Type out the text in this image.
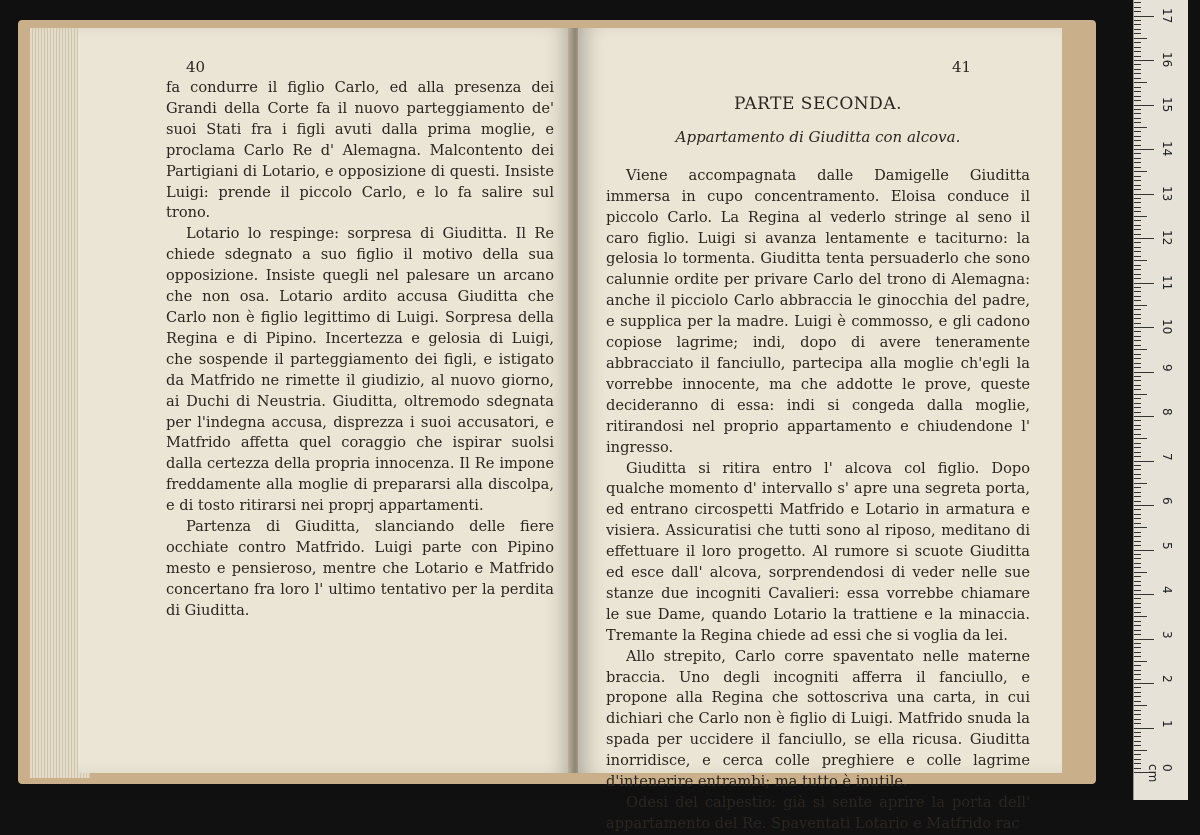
40

fa condurre il figlio Carlo, ed alla presenza dei Grandi della Corte fa il nuovo parteggiamento de' suoi Stati fra i figli avuti dalla prima moglie, e proclama Carlo Re d' Alemagna. Malcontento dei Partigiani di Lotario, e opposizione di questi. Insiste Luigi: prende il piccolo Carlo, e lo fa salire sul trono.

Lotario lo respinge: sorpresa di Giuditta. Il Re chiede sdegnato a suo figlio il motivo della sua opposizione. Insiste quegli nel palesare un arcano che non osa. Lotario ardito accusa Giuditta che Carlo non è figlio legittimo di Luigi. Sorpresa della Regina e di Pipino. Incertezza e gelosia di Luigi, che sospende il parteggiamento dei figli, e istigato da Matfrido ne rimette il giudizio, al nuovo giorno, ai Duchi di Neustria. Giuditta, oltremodo sdegnata per l'indegna accusa, disprezza i suoi accusatori, e Matfrido affetta quel coraggio che ispirar suolsi dalla certezza della propria innocenza. Il Re impone freddamente alla moglie di prepararsi alla discolpa, e di tosto ritirarsi nei proprj appartamenti.

Partenza di Giuditta, slanciando delle fiere occhiate contro Matfrido. Luigi parte con Pipino mesto e pensieroso, mentre che Lotario e Matfrido concertano fra loro l' ultimo tentativo per la perdita di Giuditta.

41
PARTE SECONDA.
Appartamento di Giuditta con alcova.

Viene accompagnata dalle Damigelle Giuditta immersa in cupo concentramento. Eloisa conduce il piccolo Carlo. La Regina al vederlo stringe al seno il caro figlio. Luigi si avanza lentamente e taciturno: la gelosia lo tormenta. Giuditta tenta persuaderlo che sono calunnie ordite per privare Carlo del trono di Alemagna: anche il picciolo Carlo abbraccia le ginocchia del padre, e supplica per la madre. Luigi è commosso, e gli cadono copiose lagrime; indi, dopo di avere teneramente abbracciato il fanciullo, partecipa alla moglie ch'egli la vorrebbe innocente, ma che addotte le prove, queste decideranno di essa: indi si congeda dalla moglie, ritirandosi nel proprio appartamento e chiudendone l' ingresso.

Giuditta si ritira entro l' alcova col figlio. Dopo qualche momento d' intervallo s' apre una segreta porta, ed entrano circospetti Matfrido e Lotario in armatura e visiera. Assicuratisi che tutti sono al riposo, meditano di effettuare il loro progetto. Al rumore si scuote Giuditta ed esce dall' alcova, sorprendendosi di veder nelle sue stanze due incogniti Cavalieri: essa vorrebbe chiamare le sue Dame, quando Lotario la trattiene e la minaccia. Tremante la Regina chiede ad essi che si voglia da lei.

Allo strepito, Carlo corre spaventato nelle materne braccia. Uno degli incogniti afferra il fanciullo, e propone alla Regina che sottoscriva una carta, in cui dichiari che Carlo non è figlio di Luigi. Matfrido snuda la spada per uccidere il fanciullo, se ella ricusa. Giuditta inorridisce, e cerca colle preghiere e colle lagrime d'intenerire entrambi; ma tutto è inutile.

Odesi del calpestio: già si sente aprire la porta dell' appartamento del Re. Spaventati Lotario e Matfrido rac

0 cm
1
2
3
4
5
6
7
8
9
10
11
12
13
14
15
16
17
